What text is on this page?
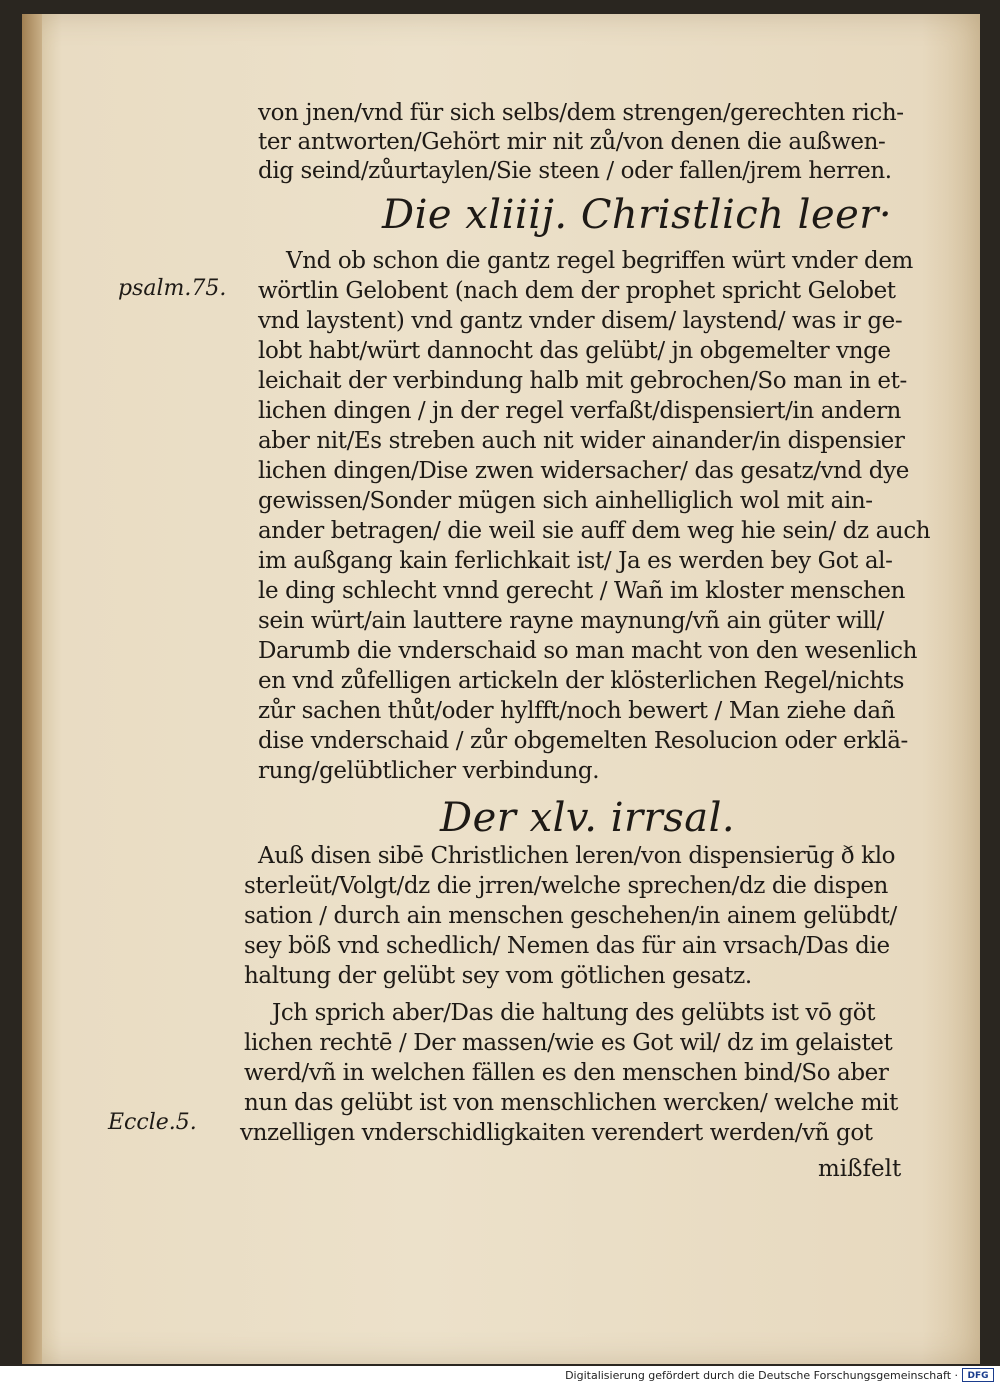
von jnen/vnd für sich selbs/dem strengen/gerechten rich-
ter antworten/Gehört mir nit zů/von denen die außwen-
dig seind/zůurtaylen/Sie steen / oder fallen/jrem herren.
Die xliiij. Christlich leer·
psalm.75.
Vnd ob schon die gantz regel begriffen würt vnder dem
wörtlin Gelobent (nach dem der prophet spricht Gelobet
vnd laystent) vnd gantz vnder disem/ laystend/ was ir ge-
lobt habt/würt dannocht das gelübt/ jn obgemelter vnge
leichait der verbindung halb mit gebrochen/So man in et-
lichen dingen / jn der regel verfaßt/dispensiert/in andern
aber nit/Es streben auch nit wider ainander/in dispensier
lichen dingen/Dise zwen widersacher/ das gesatz/vnd dye
gewissen/Sonder mügen sich ainhelliglich wol mit ain-
ander betragen/ die weil sie auff dem weg hie sein/ dz auch
im außgang kain ferlichkait ist/ Ja es werden bey Got al-
le ding schlecht vnnd gerecht / Wañ im kloster menschen
sein würt/ain lauttere rayne maynung/vñ ain güter will/
Darumb die vnderschaid so man macht von den wesenlich
en vnd zůfelligen artickeln der klösterlichen Regel/nichts
zůr sachen thůt/oder hylfft/noch bewert / Man ziehe dañ
dise vnderschaid / zůr obgemelten Resolucion oder erklä-
rung/gelübtlicher verbindung.
Der xlv. irrsal.
Auß disen sibē Christlichen leren/von dispensierūg ð klo
sterleüt/Volgt/dz die jrren/welche sprechen/dz die dispen
sation / durch ain menschen geschehen/in ainem gelübdt/
sey böß vnd schedlich/ Nemen das für ain vrsach/Das die
haltung der gelübt sey vom götlichen gesatz.
Jch sprich aber/Das die haltung des gelübts ist vō göt
lichen rechtē / Der massen/wie es Got wil/ dz im gelaistet
werd/vñ in welchen fällen es den menschen bind/So aber
nun das gelübt ist von menschlichen wercken/ welche mit
vnzelligen vnderschidligkaiten verendert werden/vñ got
Eccle.5.
mißfelt
Digitalisierung gefördert durch die Deutsche Forschungsgemeinschaft ·	DFG
